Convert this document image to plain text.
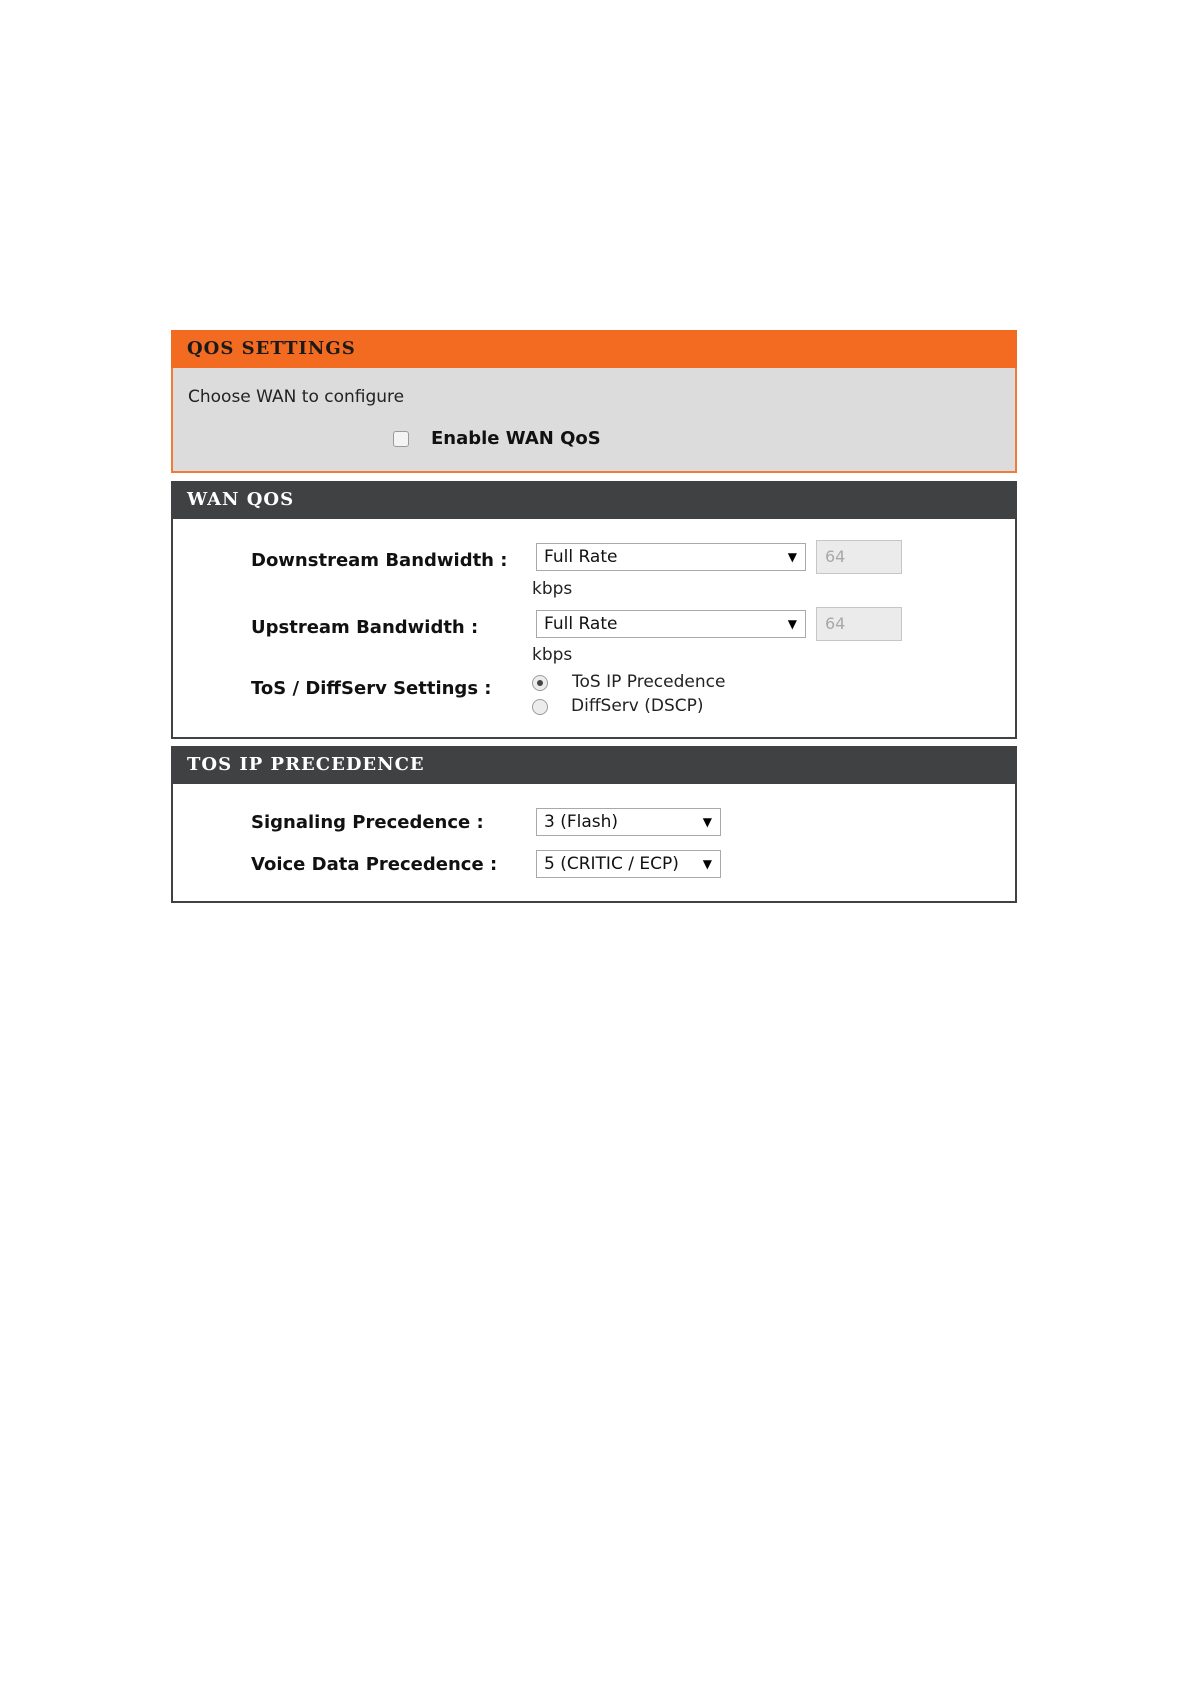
QOS SETTINGS
Choose WAN to configure
Enable WAN QoS
WAN QOS
Downstream Bandwidth :	Full Rate	▼	64
kbps
Upstream Bandwidth :	Full Rate	▼	64
kbps
ToS / DiffServ Settings :	ToS IP Precedence
DiffServ (DSCP)
TOS IP PRECEDENCE
Signaling Precedence :	3 (Flash)	▼
Voice Data Precedence :	5 (CRITIC / ECP) ▼
